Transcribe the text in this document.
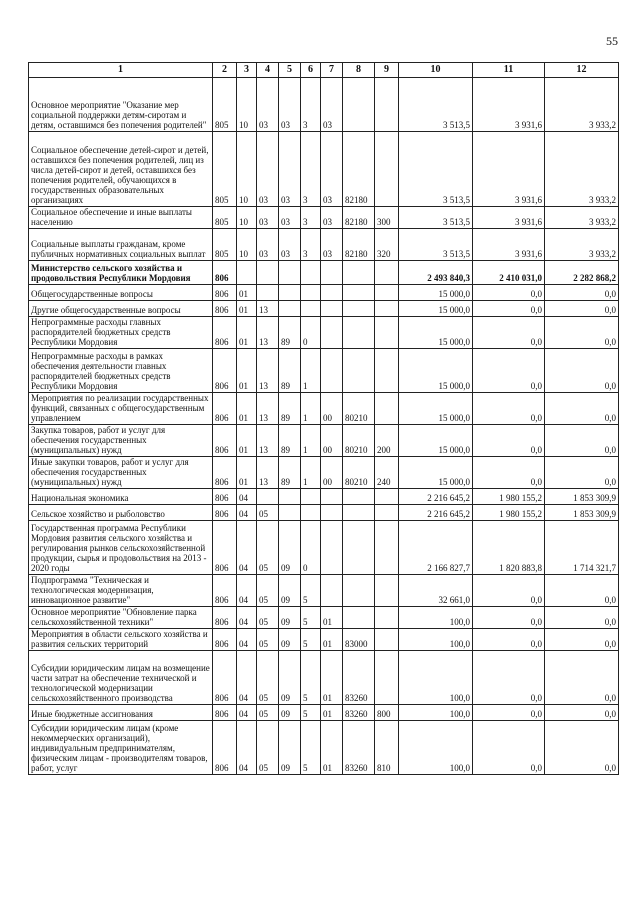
55
1	2	3	4	5	6	7	8	9	10	11	12
Основное мероприятие "Оказание мер социальной поддержки детям-сиротам и детям, оставшимся без попечения родителей"	805	10	03	03	3	03			3 513,5	3 931,6	3 933,2
Социальное обеспечение детей-сирот и детей, оставшихся без попечения родителей, лиц из числа детей-сирот и детей, оставшихся без попечения родителей, обучающихся в государственных образовательных организациях	805	10	03	03	3	03	82180		3 513,5	3 931,6	3 933,2
Социальное обеспечение и иные выплаты населению	805	10	03	03	3	03	82180	300	3 513,5	3 931,6	3 933,2
Социальные выплаты гражданам, кроме публичных нормативных социальных выплат	805	10	03	03	3	03	82180	320	3 513,5	3 931,6	3 933,2
Министерство сельского хозяйства и продовольствия Республики Мордовия	806								2 493 840,3	2 410 031,0	2 282 868,2
Общегосударственные вопросы	806	01							15 000,0	0,0	0,0
Другие общегосударственные вопросы	806	01	13						15 000,0	0,0	0,0
Непрограммные расходы главных распорядителей бюджетных средств Республики Мордовия	806	01	13	89	0				15 000,0	0,0	0,0
Непрограммные расходы в рамках обеспечения деятельности главных распорядителей бюджетных средств Республики Мордовия	806	01	13	89	1				15 000,0	0,0	0,0
Мероприятия по реализации государственных функций, связанных с общегосударственным управлением	806	01	13	89	1	00	80210		15 000,0	0,0	0,0
Закупка товаров, работ и услуг для обеспечения государственных (муниципальных) нужд	806	01	13	89	1	00	80210	200	15 000,0	0,0	0,0
Иные закупки товаров, работ и услуг для обеспечения государственных (муниципальных) нужд	806	01	13	89	1	00	80210	240	15 000,0	0,0	0,0
Национальная экономика	806	04							2 216 645,2	1 980 155,2	1 853 309,9
Сельское хозяйство и рыболовство	806	04	05						2 216 645,2	1 980 155,2	1 853 309,9
Государственная программа Республики Мордовия развития сельского хозяйства и регулирования рынков сельскохозяйственной продукции, сырья и продовольствия на 2013 - 2020 годы	806	04	05	09	0				2 166 827,7	1 820 883,8	1 714 321,7
Подпрограмма "Техническая и технологическая модернизация, инновационное развитие"	806	04	05	09	5				32 661,0	0,0	0,0
Основное мероприятие "Обновление парка сельскохозяйственной техники"	806	04	05	09	5	01			100,0	0,0	0,0
Мероприятия в области сельского хозяйства и развития сельских территорий	806	04	05	09	5	01	83000		100,0	0,0	0,0
Субсидии юридическим лицам на возмещение части затрат на обеспечение технической и технологической модернизации сельскохозяйственного производства	806	04	05	09	5	01	83260		100,0	0,0	0,0
Иные бюджетные ассигнования	806	04	05	09	5	01	83260	800	100,0	0,0	0,0
Субсидии юридическим лицам (кроме некоммерческих организаций), индивидуальным предпринимателям, физическим лицам - производителям товаров, работ, услуг	806	04	05	09	5	01	83260	810	100,0	0,0	0,0
